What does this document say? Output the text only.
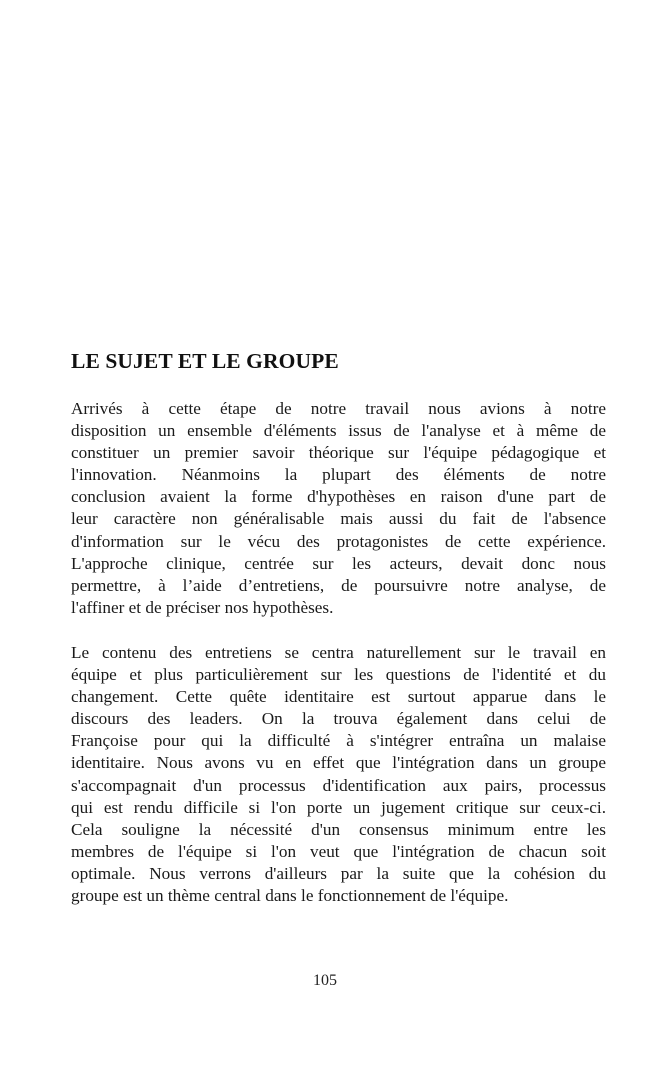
LE SUJET ET LE GROUPE

Arrivés à cette étape de notre travail nous avions à notre
disposition un ensemble d'éléments issus de l'analyse et à même de
constituer un premier savoir théorique sur l'équipe pédagogique et
l'innovation. Néanmoins la plupart des éléments de notre
conclusion avaient la forme d'hypothèses en raison d'une part de
leur caractère non généralisable mais aussi du fait de l'absence
d'information sur le vécu des protagonistes de cette expérience.
L'approche clinique, centrée sur les acteurs, devait donc nous
permettre, à l’aide d’entretiens, de poursuivre notre analyse, de
l'affiner et de préciser nos hypothèses.

Le contenu des entretiens se centra naturellement sur le travail en
équipe et plus particulièrement sur les questions de l'identité et du
changement. Cette quête identitaire est surtout apparue dans le
discours des leaders. On la trouva également dans celui de
Françoise pour qui la difficulté à s'intégrer entraîna un malaise
identitaire. Nous avons vu en effet que l'intégration dans un groupe
s'accompagnait d'un processus d'identification aux pairs, processus
qui est rendu difficile si l'on porte un jugement critique sur ceux-ci.
Cela souligne la nécessité d'un consensus minimum entre les
membres de l'équipe si l'on veut que l'intégration de chacun soit
optimale. Nous verrons d'ailleurs par la suite que la cohésion du
groupe est un thème central dans le fonctionnement de l'équipe.

105
